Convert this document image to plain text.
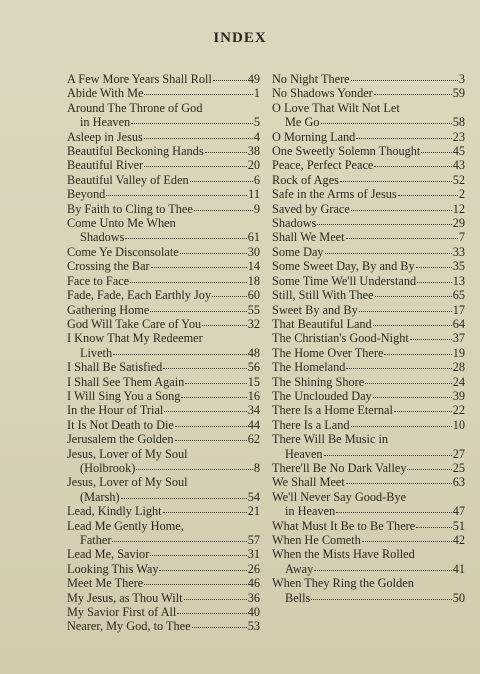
INDEX
A Few More Years Shall Roll	49
Abide With Me	1
Around The Throne of God
in Heaven	5
Asleep in Jesus	4
Beautiful Beckoning Hands	38
Beautiful River	20
Beautiful Valley of Eden	6
Beyond	11
By Faith to Cling to Thee	9
Come Unto Me When
Shadows	61
Come Ye Disconsolate	30
Crossing the Bar	14
Face to Face	18
Fade, Fade, Each Earthly Joy	60
Gathering Home	55
God Will Take Care of You	32
I Know That My Redeemer
Liveth	48
I Shall Be Satisfied	56
I Shall See Them Again	15
I Will Sing You a Song	16
In the Hour of Trial	34
It Is Not Death to Die	44
Jerusalem the Golden	62
Jesus, Lover of My Soul
(Holbrook)	8
Jesus, Lover of My Soul
(Marsh)	54
Lead, Kindly Light	21
Lead Me Gently Home,
Father	57
Lead Me, Savior	31
Looking This Way	26
Meet Me There	46
My Jesus, as Thou Wilt	36
My Savior First of All	40
Nearer, My God, to Thee	53
No Night There	3
No Shadows Yonder	59
O Love That Wilt Not Let
Me Go	58
O Morning Land	23
One Sweetly Solemn Thought	45
Peace, Perfect Peace	43
Rock of Ages	52
Safe in the Arms of Jesus	2
Saved by Grace	12
Shadows	29
Shall We Meet	7
Some Day	33
Some Sweet Day, By and By	35
Some Time We'll Understand	13
Still, Still With Thee	65
Sweet By and By	17
That Beautiful Land	64
The Christian's Good-Night	37
The Home Over There	19
The Homeland	28
The Shining Shore	24
The Unclouded Day	39
There Is a Home Eternal	22
There Is a Land	10
There Will Be Music in
Heaven	27
There'll Be No Dark Valley	25
We Shall Meet	63
We'll Never Say Good-Bye
in Heaven	47
What Must It Be to Be There	51
When He Cometh	42
When the Mists Have Rolled
Away	41
When They Ring the Golden
Bells	50
